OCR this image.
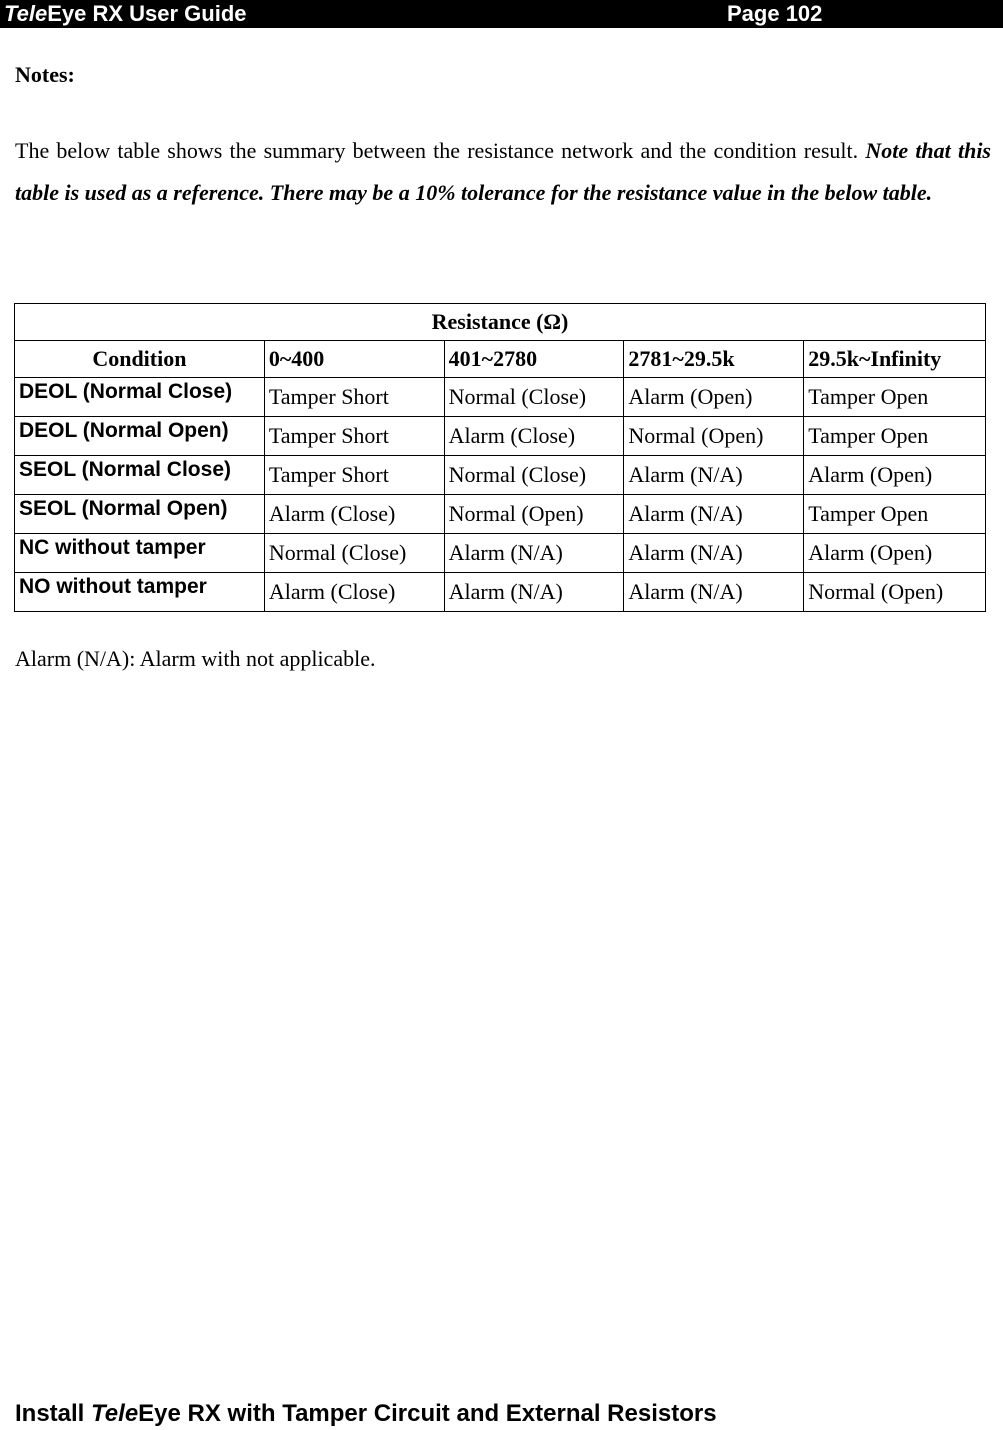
TeleEye RX User Guide	Page 102
Notes:
The below table shows the summary between the resistance network and the condition result. Note that this table is used as a reference. There may be a 10% tolerance for the resistance value in the below table.
Resistance (Ω)				
Condition	0~400	401~2780	2781~29.5k	29.5k~Infinity
DEOL (Normal Close)	Tamper Short	Normal (Close)	Alarm (Open)	Tamper Open
DEOL (Normal Open)	Tamper Short	Alarm (Close)	Normal (Open)	Tamper Open
SEOL (Normal Close)	Tamper Short	Normal (Close)	Alarm (N/A)	Alarm (Open)
SEOL (Normal Open)	Alarm (Close)	Normal (Open)	Alarm (N/A)	Tamper Open
NC without tamper	Normal (Close)	Alarm (N/A)	Alarm (N/A)	Alarm (Open)
NO without tamper	Alarm (Close)	Alarm (N/A)	Alarm (N/A)	Normal (Open)
Alarm (N/A): Alarm with not applicable.
Install TeleEye RX with Tamper Circuit and External Resistors
